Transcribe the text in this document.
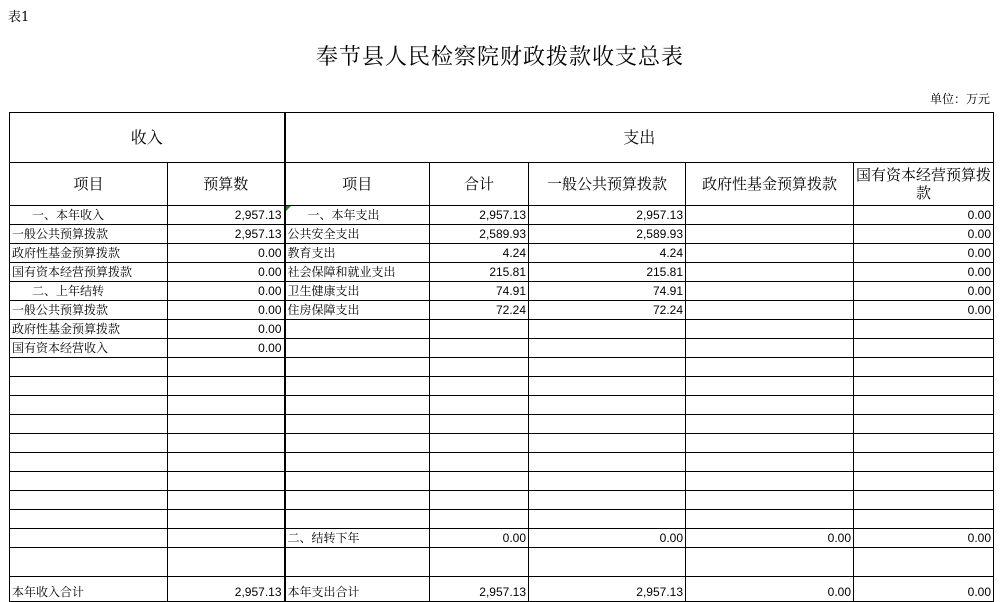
表1
奉节县人民检察院财政拨款收支总表
单位：万元
收入		支出				
项目	预算数	项目	合计	一般公共预算拨款	政府性基金预算拨款	国有资本经营预算拨款
一、本年收入	2,957.13	一、本年支出	2,957.13	2,957.13		0.00
一般公共预算拨款	2,957.13	公共安全支出	2,589.93	2,589.93		0.00
政府性基金预算拨款	0.00	教育支出	4.24	4.24		0.00
国有资本经营预算拨款	0.00	社会保障和就业支出	215.81	215.81		0.00
二、上年结转	0.00	卫生健康支出	74.91	74.91		0.00
一般公共预算拨款	0.00	住房保障支出	72.24	72.24		0.00
政府性基金预算拨款	0.00					
国有资本经营收入	0.00					

		二、结转下年	0.00	0.00	0.00	0.00

本年收入合计	2,957.13	本年支出合计	2,957.13	2,957.13	0.00	0.00
